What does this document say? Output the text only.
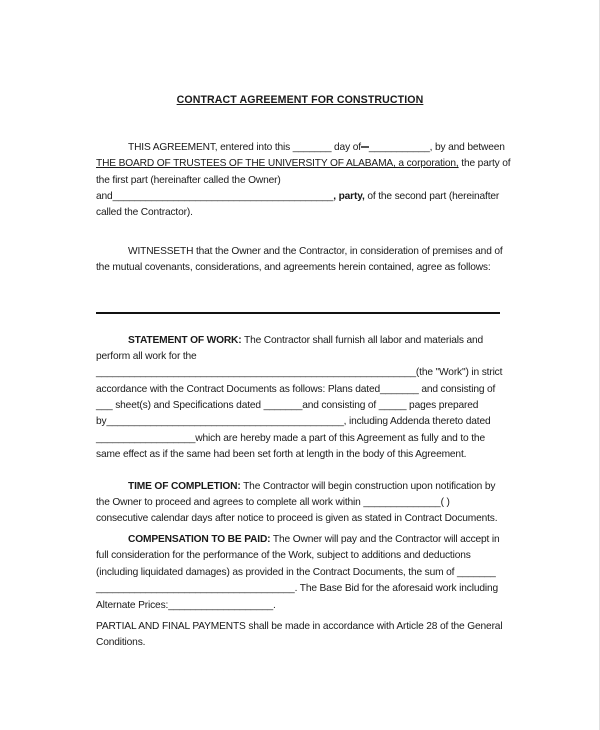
CONTRACT AGREEMENT FOR CONSTRUCTION
THIS AGREEMENT, entered into this _______ day of ___________, by and between
THE BOARD OF TRUSTEES OF THE UNIVERSITY OF ALABAMA, a corporation, the party of
the first part (hereinafter called the Owner)
and________________________________________, party, of the second part (hereinafter
called the Contractor).
WITNESSETH that the Owner and the Contractor, in consideration of premises and of
the mutual covenants, considerations, and agreements herein contained, agree as follows:
STATEMENT OF WORK: The Contractor shall furnish all labor and materials and
perform all work for the
__________________________________________________________(the "Work") in strict
accordance with the Contract Documents as follows: Plans dated_______ and consisting of
___ sheet(s) and Specifications dated _______and consisting of _____ pages prepared
by___________________________________________, including Addenda thereto dated
__________________which are hereby made a part of this Agreement as fully and to the
same effect as if the same had been set forth at length in the body of this Agreement.
TIME OF COMPLETION: The Contractor will begin construction upon notification by
the Owner to proceed and agrees to complete all work within ______________( )
consecutive calendar days after notice to proceed is given as stated in Contract Documents.
COMPENSATION TO BE PAID: The Owner will pay and the Contractor will accept in
full consideration for the performance of the Work, subject to additions and deductions
(including liquidated damages) as provided in the Contract Documents, the sum of _______
____________________________________. The Base Bid for the aforesaid work including
Alternate Prices:___________________.
PARTIAL AND FINAL PAYMENTS shall be made in accordance with Article 28 of the General
Conditions.
